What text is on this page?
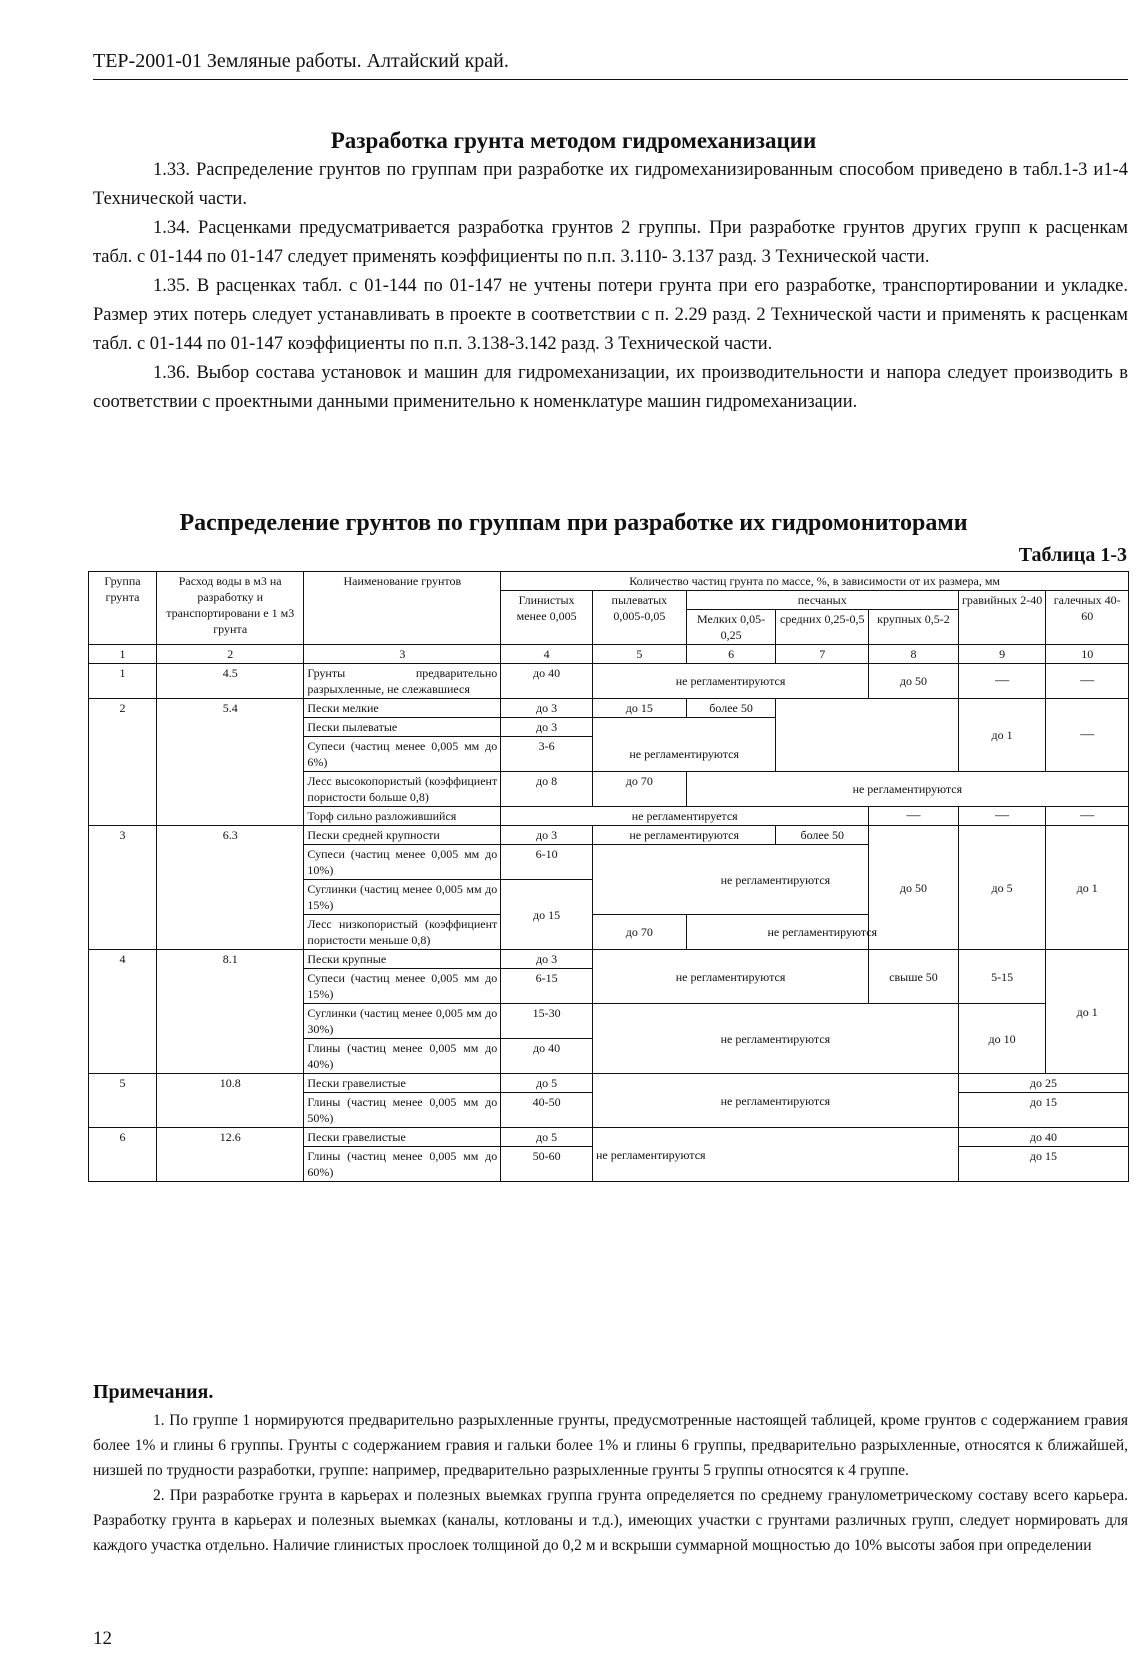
ТЕР-2001-01 Земляные работы. Алтайский край.
Разработка грунта методом гидромеханизации

1.33. Распределение грунтов по группам при разработке их гидромеханизированным способом приведено в табл.1-3 и1-4 Технической части.

1.34. Расценками предусматривается разработка грунтов 2 группы. При разработке грунтов других групп к расценкам табл. с 01-144 по 01-147 следует применять коэффициенты по п.п. 3.110- 3.137 разд. 3 Технической части.

1.35. В расценках табл. с 01-144 по 01-147 не учтены потери грунта при его разработке, транспортировании и укладке. Размер этих потерь следует устанавливать в проекте в соответствии с п. 2.29 разд. 2 Технической части и применять к расценкам табл. с 01-144 по 01-147 коэффициенты по п.п. 3.138-3.142 разд. 3 Технической части.

1.36. Выбор состава установок и машин для гидромеханизации, их производительности и напора следует производить в соответствии с проектными данными применительно к номенклатуре машин гидромеханизации.

Распределение грунтов по группам при разработке их гидромониторами
Таблица 1-3
Группа грунта	Расход воды в м3 на разработку и транспортировани е 1 м3 грунта	Наименование грунтов	Количество частиц грунта по массе, %, в зависимости от их размера, мм						
			Глинистых менее 0,005	пылеватых 0,005-0,05	песчаных			гравийных 2-40	галечных 40-60
					Мелких 0,05-0,25	средних 0,25-0,5	крупных 0,5-2		
1	2	3	4	5	6	7	8	9	10
1	4.5	Грунты предварительно разрыхленные, не слежавшиеся	до 40	не регламентируются			до 50	—	—
2	5.4	Пески мелкие	до 3	до 15	более 50			до 1	—
		Пески пылеватые	до 3						
		Супеси (частиц менее 0,005 мм до 6%)	3-6	не регламентируются					
		Лесс высокопористый (коэффициент пористости больше 0,8)	до 8	до 70	не регламентируются				
		Торф сильно разложившийся	не регламентируется				—	—	—
3	6.3	Пески средней крупности	до 3	не регламентируются		более 50	до 50	до 5	до 1
		Супеси (частиц менее 0,005 мм до 10%)	6-10	не регламентируются					
		Суглинки (частиц менее 0,005 мм до 15%)	до 15						
		Лесс низкопористый (коэффициент пористости меньше 0,8)		до 70	не регламентируются				
4	8.1	Пески крупные	до 3	не регламентируются			свыше 50	5-15	до 1
		Супеси (частиц менее 0,005 мм до 15%)	6-15						
		Суглинки (частиц менее 0,005 мм до 30%)	15-30	не регламентируются				до 10	
		Глины (частиц менее 0,005 мм до 40%)	до 40						
5	10.8	Пески гравелистые	до 5	не регламентируются				до 25	
		Глины (частиц менее 0,005 мм до 50%)	40-50					до 15	
6	12.6	Пески гравелистые	до 5	не регламентируются				до 40	
		Глины (частиц менее 0,005 мм до 60%)	50-60					до 15	
Примечания.

1. По группе 1 нормируются предварительно разрыхленные грунты, предусмотренные настоящей таблицей, кроме грунтов с содержанием гравия более 1% и глины 6 группы. Грунты с содержанием гравия и гальки более 1% и глины 6 группы, предварительно разрыхленные, относятся к ближайшей, низшей по трудности разработки, группе: например, предварительно разрыхленные грунты 5 группы относятся к 4 группе.

2. При разработке грунта в карьерах и полезных выемках группа грунта определяется по среднему гранулометрическому составу всего карьера. Разработку грунта в карьерах и полезных выемках (каналы, котлованы и т.д.), имеющих участки с грунтами различных групп, следует нормировать для каждого участка отдельно. Наличие глинистых прослоек толщиной до 0,2 м и вскрыши суммарной мощностью до 10% высоты забоя при определении

12
